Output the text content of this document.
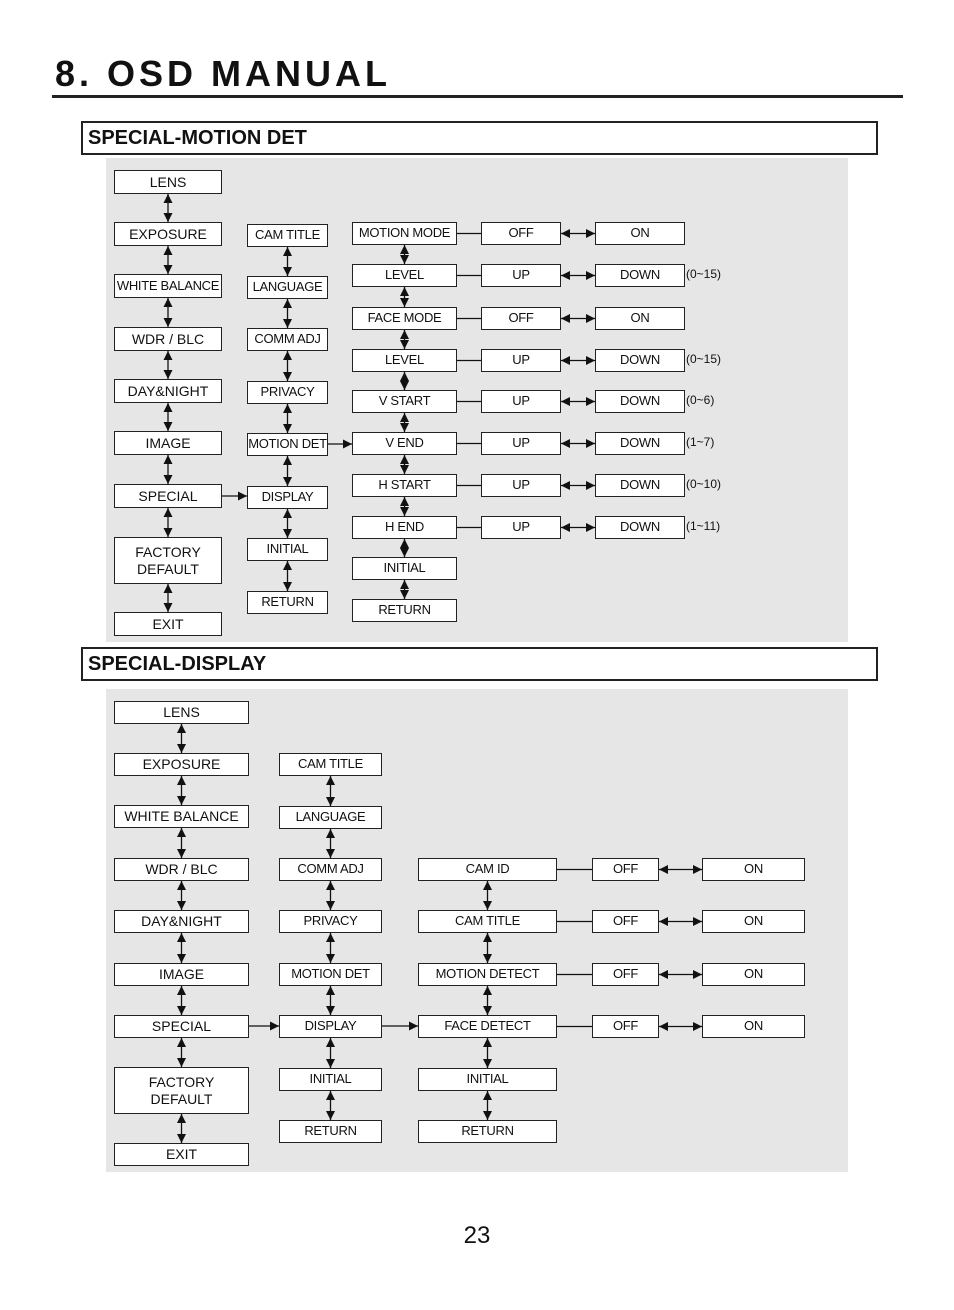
8. OSD MANUAL
SPECIAL-MOTION DET
SPECIAL-DISPLAY
LENS
EXPOSURE
WHITE BALANCE
WDR / BLC
DAY&NIGHT
IMAGE
SPECIAL
FACTORY
DEFAULT
EXIT
CAM TITLE
LANGUAGE
COMM ADJ
PRIVACY
MOTION DET
DISPLAY
INITIAL
RETURN
MOTION MODE	OFF	ON
LEVEL	UP	DOWN	(0~15)
FACE MODE	OFF	ON
LEVEL	UP	DOWN	(0~15)
V START	UP	DOWN	(0~6)
V END	UP	DOWN	(1~7)
H START	UP	DOWN	(0~10)
H END	UP	DOWN	(1~11)
INITIAL
RETURN
LENS
EXPOSURE
WHITE BALANCE
WDR / BLC
DAY&NIGHT
IMAGE
SPECIAL
FACTORY
DEFAULT
EXIT
CAM TITLE
LANGUAGE
COMM ADJ
PRIVACY
MOTION DET
DISPLAY
INITIAL
RETURN
CAM ID	OFF	ON
CAM TITLE	OFF	ON
MOTION DETECT	OFF	ON
FACE DETECT	OFF	ON
INITIAL
RETURN
23
